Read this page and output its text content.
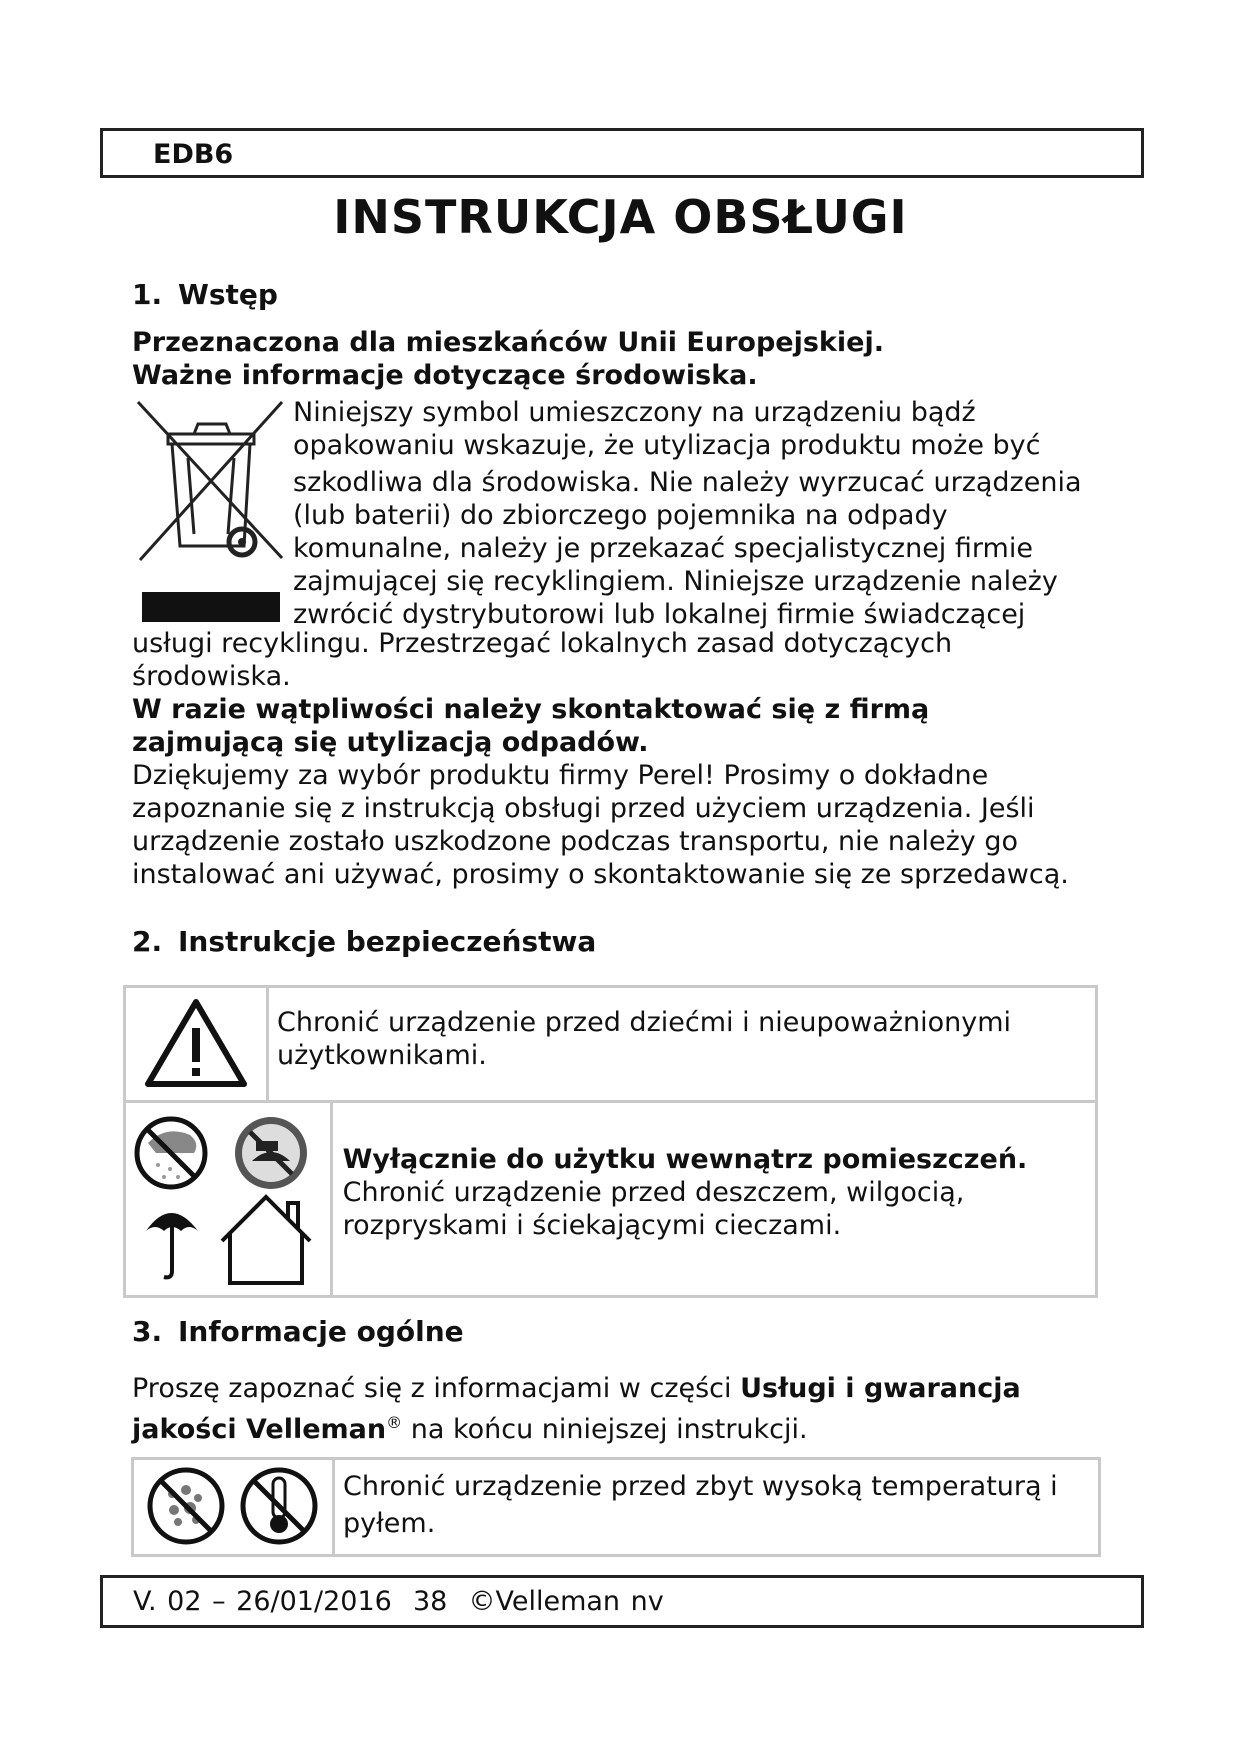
EDB6
INSTRUKCJA OBSŁUGI
1. Wstęp
Przeznaczona dla mieszkańców Unii Europejskiej.
Ważne informacje dotyczące środowiska.
Niniejszy symbol umieszczony na urządzeniu bądź
opakowaniu wskazuje, że utylizacja produktu może być
szkodliwa dla środowiska. Nie należy wyrzucać urządzenia
(lub baterii) do zbiorczego pojemnika na odpady
komunalne, należy je przekazać specjalistycznej firmie
zajmującej się recyklingiem. Niniejsze urządzenie należy
zwrócić dystrybutorowi lub lokalnej firmie świadczącej
usługi recyklingu. Przestrzegać lokalnych zasad dotyczących
środowiska.
W razie wątpliwości należy skontaktować się z firmą
zajmującą się utylizacją odpadów.
Dziękujemy za wybór produktu firmy Perel! Prosimy o dokładne
zapoznanie się z instrukcją obsługi przed użyciem urządzenia. Jeśli
urządzenie zostało uszkodzone podczas transportu, nie należy go
instalować ani używać, prosimy o skontaktowanie się ze sprzedawcą.
2. Instrukcje bezpieczeństwa

Chronić urządzenie przed dziećmi i nieupoważnionymi
użytkownikami.	

Wyłącznie do użytku wewnątrz pomieszczeń.
Chronić urządzenie przed deszczem, wilgocią,
rozpryskami i ściekającymi cieczami.
3. Informacje ogólne
Proszę zapoznać się z informacjami w części Usługi i gwarancja
jakości Velleman® na końcu niniejszej instrukcji.

Chronić urządzenie przed zbyt wysoką temperaturą i
pyłem.
V. 02 – 26/01/2016  38  ©Velleman nv
